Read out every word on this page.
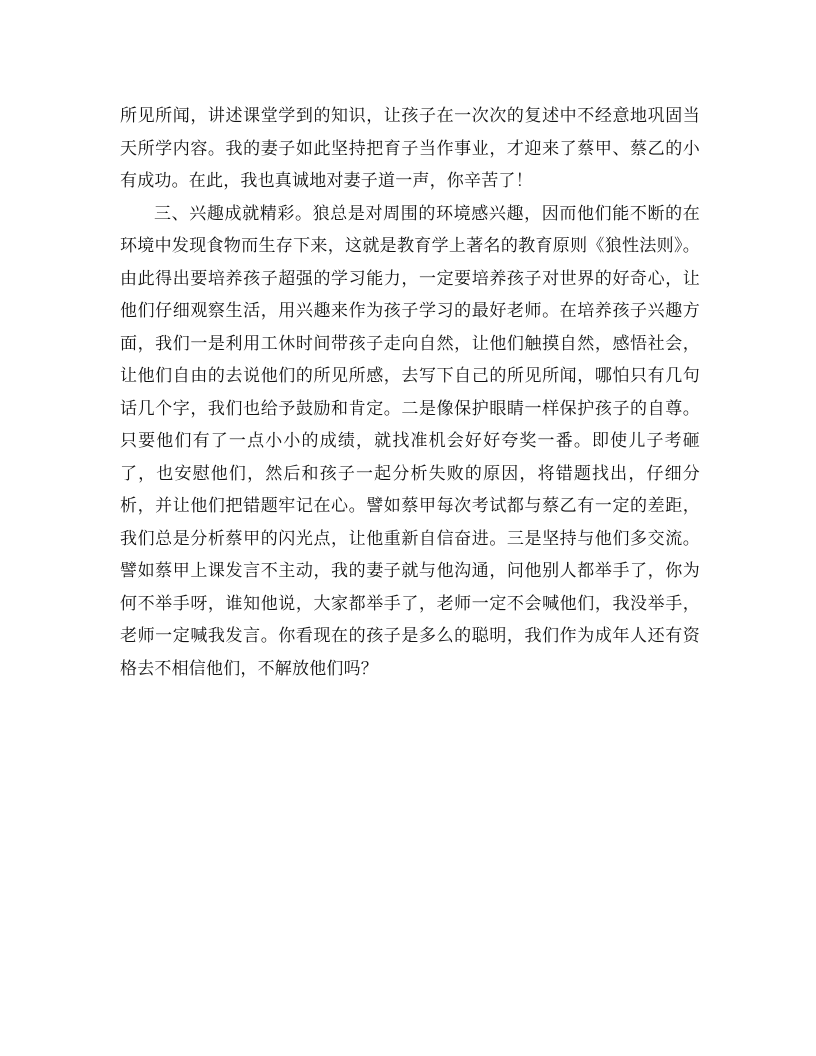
所见所闻，讲述课堂学到的知识，让孩子在一次次的复述中不经意地巩固当天所学内容。我的妻子如此坚持把育子当作事业，才迎来了蔡甲、蔡乙的小有成功。在此，我也真诚地对妻子道一声，你辛苦了！

三、兴趣成就精彩。狼总是对周围的环境感兴趣，因而他们能不断的在环境中发现食物而生存下来，这就是教育学上著名的教育原则《狼性法则》。由此得出要培养孩子超强的学习能力，一定要培养孩子对世界的好奇心，让他们仔细观察生活，用兴趣来作为孩子学习的最好老师。在培养孩子兴趣方面，我们一是利用工休时间带孩子走向自然，让他们触摸自然，感悟社会，让他们自由的去说他们的所见所感，去写下自己的所见所闻，哪怕只有几句话几个字，我们也给予鼓励和肯定。二是像保护眼睛一样保护孩子的自尊。只要他们有了一点小小的成绩，就找准机会好好夸奖一番。即使儿子考砸了，也安慰他们，然后和孩子一起分析失败的原因，将错题找出，仔细分析，并让他们把错题牢记在心。譬如蔡甲每次考试都与蔡乙有一定的差距，我们总是分析蔡甲的闪光点，让他重新自信奋进。三是坚持与他们多交流。譬如蔡甲上课发言不主动，我的妻子就与他沟通，问他别人都举手了，你为何不举手呀，谁知他说，大家都举手了，老师一定不会喊他们，我没举手，老师一定喊我发言。你看现在的孩子是多么的聪明，我们作为成年人还有资格去不相信他们，不解放他们吗？
